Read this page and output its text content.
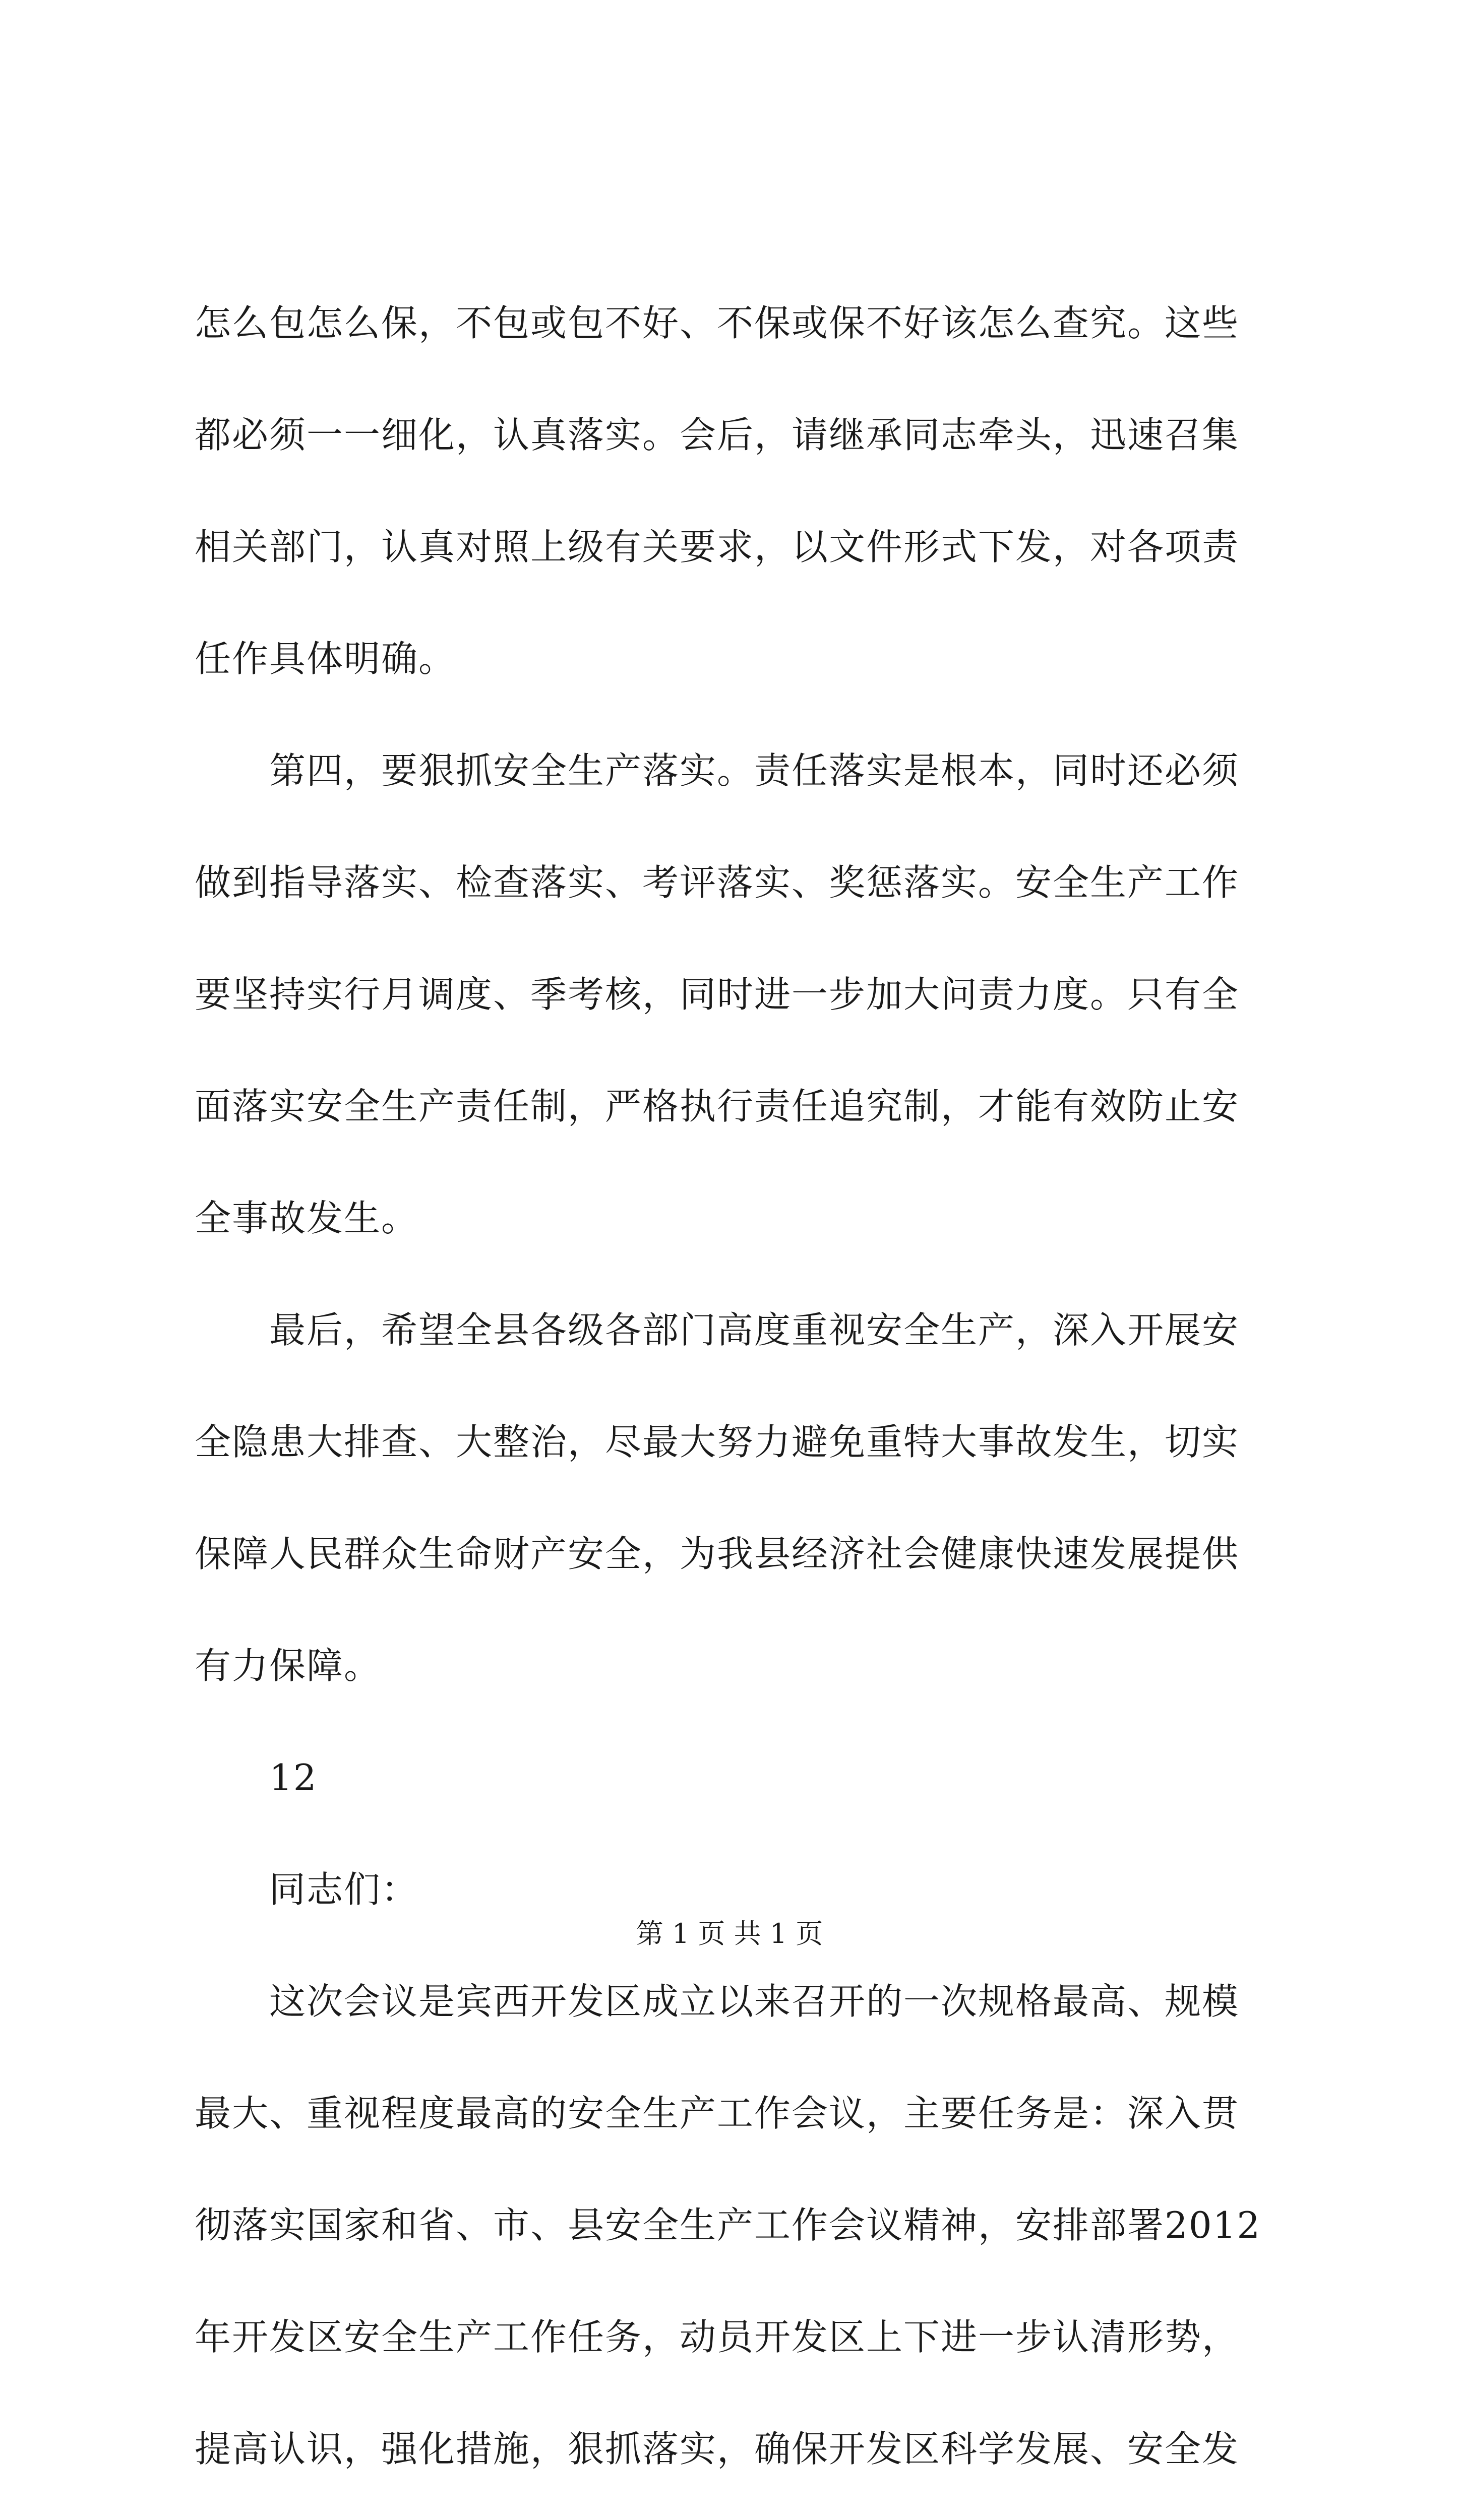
怎么包怎么保，不包或包不好、不保或保不好该怎么查究。这些
都必须一一细化，认真落实。会后，请继承同志牵头，迅速召集
相关部门，认真对照上级有关要求，以文件形式下发，对各项责
任作具体明确。
　　第四，要狠抓安全生产落实。责任落实是根本，同时还必须
做到指导落实、检查落实、考评落实、奖惩落实。安全生产工作
要坚持实行月调度、季考核，同时进一步加大问责力度。只有全
面落实安全生产责任制，严格执行责任追究制，才能有效防止安
全事故发生。
　　最后，希望全县各级各部门高度重视安全生产，深入开展安
全隐患大排查、大整治，尽最大努力避免重特大事故发生，切实
保障人民群众生命财产安全，为我县经济社会健康快速发展提供
有力保障。
　　12
　　同志们：
　　这次会议是宾西开发区成立以来召开的一次规格最高、规模
最大、重视程度最高的安全生产工作会议，主要任务是：深入贯
彻落实国家和省、市、县安全生产工作会议精神，安排部署2012
年开发区安全生产工作任务，动员开发区上下进一步认清形势，
提高认识，强化措施，狠抓落实，确保开发区科学发展、安全发
第 1 页 共 1 页
